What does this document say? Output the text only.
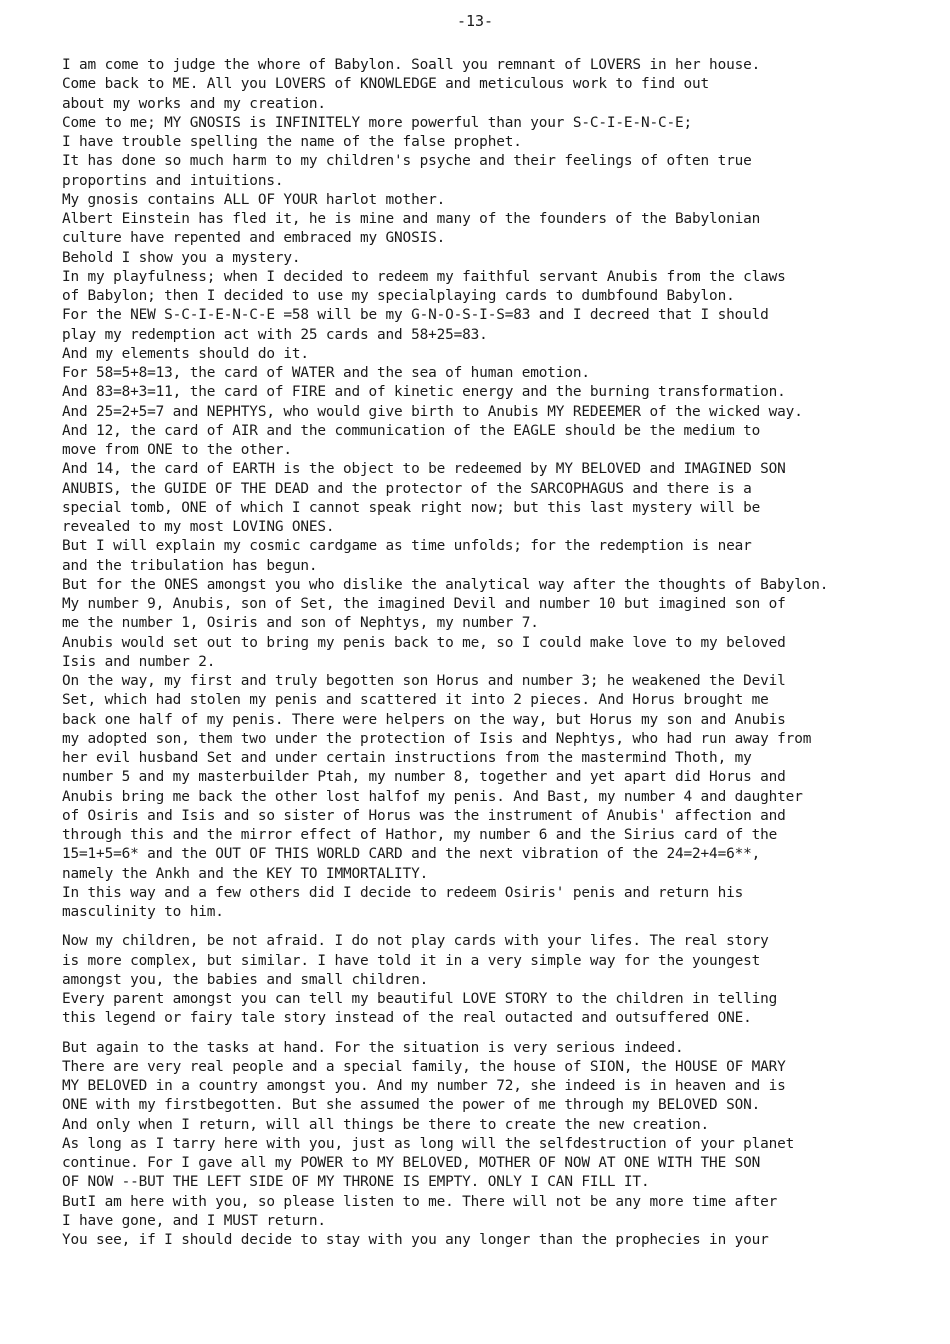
-13-
I am come to judge the whore of Babylon. Soall you remnant of LOVERS in her house.
Come back to ME. All you LOVERS of KNOWLEDGE and meticulous work to find out
about my works and my creation.
Come to me; MY GNOSIS is INFINITELY more powerful than your S-C-I-E-N-C-E;
I have trouble spelling the name of the false prophet.
It has done so much harm to my children's psyche and their feelings of often true
proportins and intuitions.
My gnosis contains ALL OF YOUR harlot mother.
Albert Einstein has fled it, he is mine and many of the founders of the Babylonian
culture have repented and embraced my GNOSIS.
Behold I show you a mystery.
In my playfulness; when I decided to redeem my faithful servant Anubis from the claws
of Babylon; then I decided to use my specialplaying cards to dumbfound Babylon.
For the NEW S-C-I-E-N-C-E =58 will be my G-N-O-S-I-S=83 and I decreed that I should
play my redemption act with 25 cards and 58+25=83.
And my elements should do it.
For 58=5+8=13, the card of WATER and the sea of human emotion.
And 83=8+3=11, the card of FIRE and of kinetic energy and the burning transformation.
And 25=2+5=7 and NEPHTYS, who would give birth to Anubis MY REDEEMER of the wicked way.
And 12, the card of AIR and the communication of the EAGLE should be the medium to
move from ONE to the other.
And 14, the card of EARTH is the object to be redeemed by MY BELOVED and IMAGINED SON
ANUBIS, the GUIDE OF THE DEAD and the protector of the SARCOPHAGUS and there is a
special tomb, ONE of which I cannot speak right now; but this last mystery will be
revealed to my most LOVING ONES.
But I will explain my cosmic cardgame as time unfolds; for the redemption is near
and the tribulation has begun.
But for the ONES amongst you who dislike the analytical way after the thoughts of Babylon.
My number 9, Anubis, son of Set, the imagined Devil and number 10 but imagined son of
me the number 1, Osiris and son of Nephtys, my number 7.
Anubis would set out to bring my penis back to me, so I could make love to my beloved
Isis and number 2.
On the way, my first and truly begotten son Horus and number 3; he weakened the Devil
Set, which had stolen my penis and scattered it into 2 pieces. And Horus brought me
back one half of my penis. There were helpers on the way, but Horus my son and Anubis
my adopted son, them two under the protection of Isis and Nephtys, who had run away from
her evil husband Set and under certain instructions from the mastermind Thoth, my
number 5 and my masterbuilder Ptah, my number 8, together and yet apart did Horus and
Anubis bring me back the other lost halfof my penis. And Bast, my number 4 and daughter
of Osiris and Isis and so sister of Horus was the instrument of Anubis' affection and
through this and the mirror effect of Hathor, my number 6 and the Sirius card of the
15=1+5=6* and the OUT OF THIS WORLD CARD and the next vibration of the 24=2+4=6**,
namely the Ankh and the KEY TO IMMORTALITY.
In this way and a few others did I decide to redeem Osiris' penis and return his
masculinity to him.
Now my children, be not afraid. I do not play cards with your lifes. The real story
is more complex, but similar. I have told it in a very simple way for the youngest
amongst you, the babies and small children.
Every parent amongst you can tell my beautiful LOVE STORY to the children in telling
this legend or fairy tale story instead of the real outacted and outsuffered ONE.
But again to the tasks at hand. For the situation is very serious indeed.
There are very real people and a special family, the house of SION, the HOUSE OF MARY
MY BELOVED in a country amongst you. And my number 72, she indeed is in heaven and is
ONE with my firstbegotten. But she assumed the power of me through my BELOVED SON.
And only when I return, will all things be there to create the new creation.
As long as I tarry here with you, just as long will the selfdestruction of your planet
continue. For I gave all my POWER to MY BELOVED, MOTHER OF NOW AT ONE WITH THE SON
OF NOW --BUT THE LEFT SIDE OF MY THRONE IS EMPTY. ONLY I CAN FILL IT.
ButI am here with you, so please listen to me. There will not be any more time after
I have gone, and I MUST return.
You see, if I should decide to stay with you any longer than the prophecies in your
